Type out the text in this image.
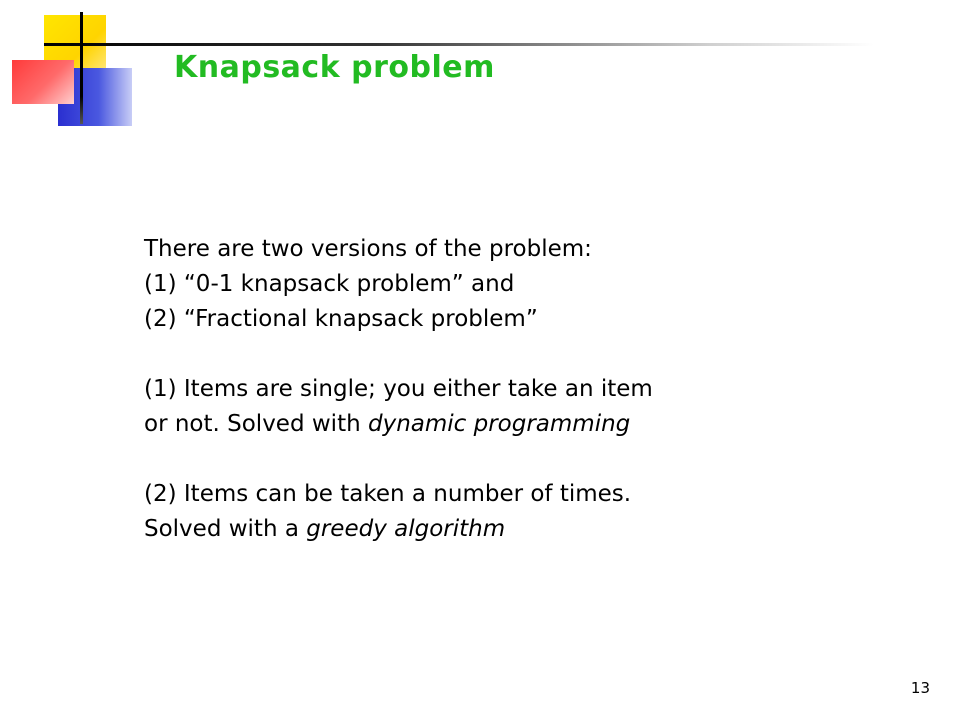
Knapsack problem
There are two versions of the problem:
(1) “0-1 knapsack problem” and
(2) “Fractional knapsack problem”
(1) Items are single; you either take an item
or not. Solved with dynamic programming
(2) Items can be taken a number of times.
Solved with a greedy algorithm
13
